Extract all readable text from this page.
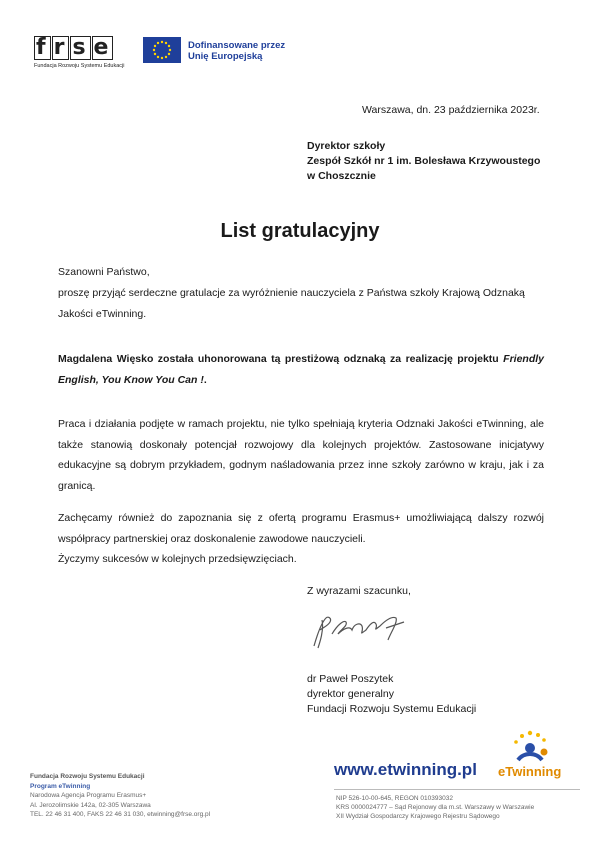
f r s e
Fundacja Rozwoju Systemu Edukacji
Dofinansowane przez
Unię Europejską
Warszawa, dn. 23 października 2023r.
Dyrektor szkoły
Zespół Szkół nr 1 im. Bolesława Krzywoustego
w Choszcznie
List gratulacyjny
Szanowni Państwo,
proszę przyjąć serdeczne gratulacje za wyróżnienie nauczyciela z Państwa szkoły Krajową Odznaką Jakości eTwinning.
Magdalena Więsko została uhonorowana tą prestiżową odznaką za realizację projektu Friendly English, You Know You Can !.
Praca i działania podjęte w ramach projektu, nie tylko spełniają kryteria Odznaki Jakości eTwinning, ale także stanowią doskonały potencjał rozwojowy dla kolejnych projektów. Zastosowane inicjatywy edukacyjne są dobrym przykładem, godnym naśladowania przez inne szkoły zarówno w kraju, jak i za granicą.
Zachęcamy również do zapoznania się z ofertą programu Erasmus+ umożliwiającą dalszy rozwój współpracy partnerskiej oraz doskonalenie zawodowe nauczycieli.
Życzymy sukcesów w kolejnych przedsięwzięciach.
Z wyrazami szacunku,
dr Paweł Poszytek
dyrektor generalny
Fundacji Rozwoju Systemu Edukacji
Fundacja Rozwoju Systemu Edukacji
Program eTwinning
Narodowa Agencja Programu Erasmus+
Al. Jerozolimskie 142a, 02-305 Warszawa
TEL. 22 46 31 400, FAKS 22 46 31 030, etwinning@frse.org.pl
www.etwinning.pl eTwinning
NIP 526-10-00-645, REGON 010393032
KRS 0000024777 – Sąd Rejonowy dla m.st. Warszawy w Warszawie
XII Wydział Gospodarczy Krajowego Rejestru Sądowego
